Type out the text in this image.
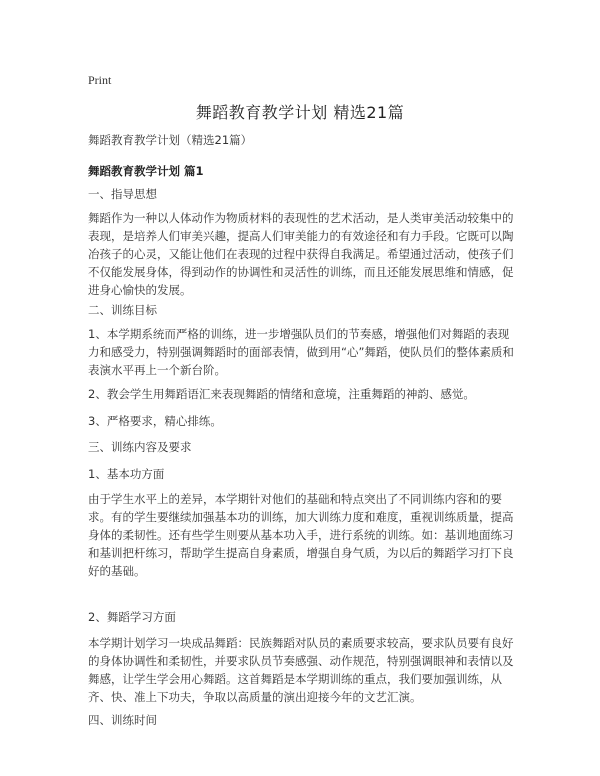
Print
舞蹈教育教学计划 精选21篇

舞蹈教育教学计划（精选21篇）

舞蹈教育教学计划 篇1

一、指导思想

舞蹈作为一种以人体动作为物质材料的表现性的艺术活动，是人类审美活动较集中的表现，是培养人们审美兴趣，提高人们审美能力的有效途径和有力手段。它既可以陶冶孩子的心灵，又能让他们在表现的过程中获得自我满足。希望通过活动，使孩子们不仅能发展身体，得到动作的协调性和灵活性的训练，而且还能发展思维和情感，促进身心愉快的发展。

二、训练目标

1、本学期系统而严格的训练，进一步增强队员们的节奏感，增强他们对舞蹈的表现力和感受力，特别强调舞蹈时的面部表情，做到用“心”舞蹈，使队员们的整体素质和表演水平再上一个新台阶。

2、教会学生用舞蹈语汇来表现舞蹈的情绪和意境，注重舞蹈的神韵、感觉。

3、严格要求，精心排练。

三、训练内容及要求

1、基本功方面

由于学生水平上的差异，本学期针对他们的基础和特点突出了不同训练内容和的要求。有的学生要继续加强基本功的训练，加大训练力度和难度，重视训练质量，提高身体的柔韧性。还有些学生则要从基本功入手，进行系统的训练。如：基训地面练习和基训把杆练习，帮助学生提高自身素质，增强自身气质，为以后的舞蹈学习打下良好的基础。

2、舞蹈学习方面

本学期计划学习一块成品舞蹈：民族舞蹈对队员的素质要求较高，要求队员要有良好的身体协调性和柔韧性，并要求队员节奏感强、动作规范，特别强调眼神和表情以及舞感，让学生学会用心舞蹈。这首舞蹈是本学期训练的重点，我们要加强训练，从齐、快、准上下功夫，争取以高质量的演出迎接今年的文艺汇演。

四、训练时间
